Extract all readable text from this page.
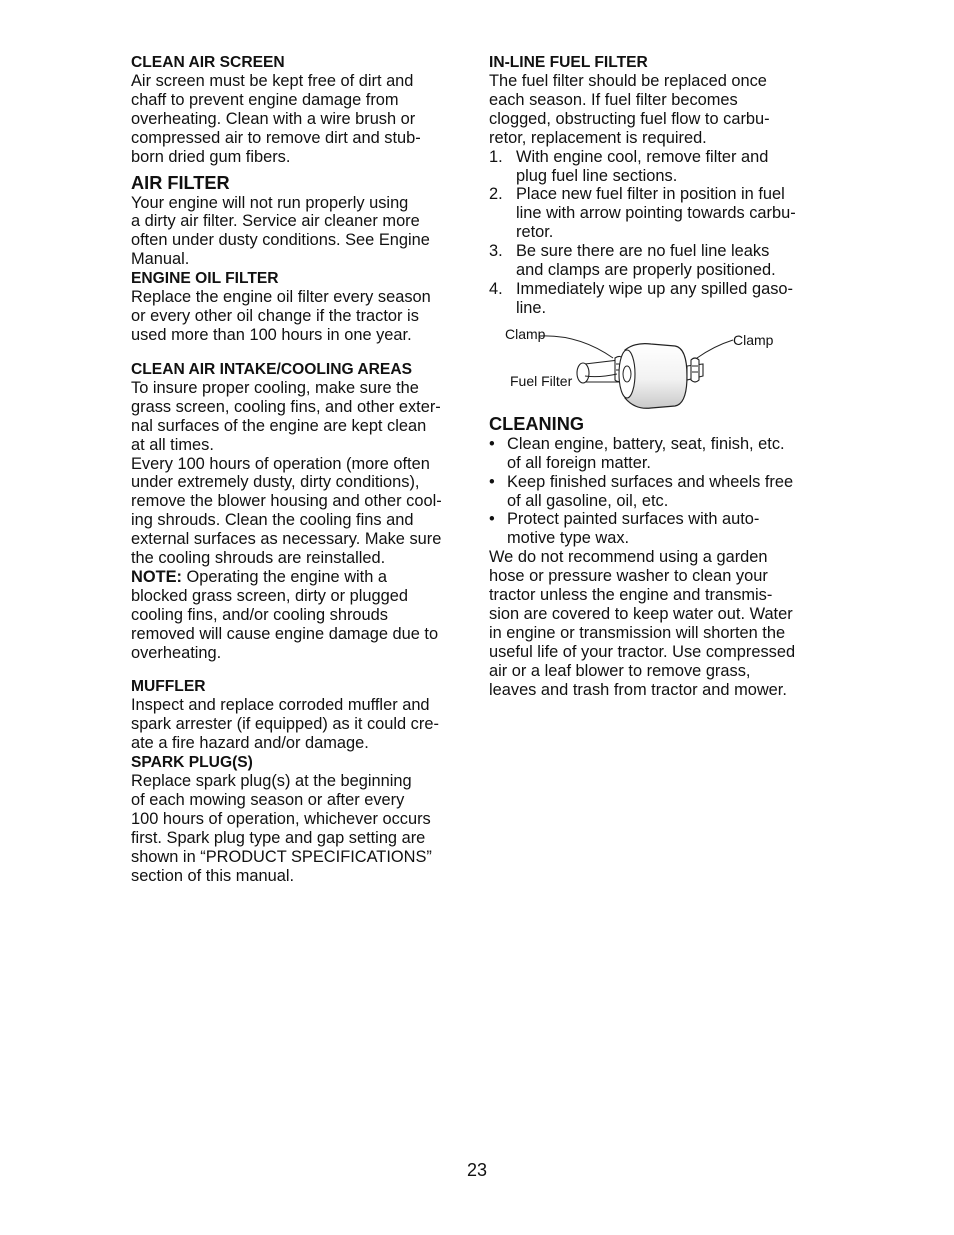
CLEAN AIR SCREEN

Air screen must be kept free of dirt and
chaff to prevent engine damage from
overheating. Clean with a wire brush or
compressed air to remove dirt and stub-
born dried gum fibers.

AIR FILTER

Your engine will not run properly using
a dirty air filter. Service air cleaner more
often under dusty conditions. See Engine
Manual.

ENGINE OIL FILTER

Replace the engine oil filter every season
or every other oil change if the tractor is
used more than 100 hours in one year.

CLEAN AIR INTAKE/COOLING AREAS

To insure proper cooling, make sure the
grass screen, cooling fins, and other exter-
nal surfaces of the engine are kept clean
at all times.

Every 100 hours of operation (more often
under extremely dusty, dirty conditions),
remove the blower housing and other cool-
ing shrouds. Clean the cooling fins and
external surfaces as necessary. Make sure
the cooling shrouds are reinstalled.

NOTE: Operating the engine with a
blocked grass screen, dirty or plugged
cooling fins, and/or cooling shrouds
removed will cause engine damage due to
overheating.

MUFFLER

Inspect and replace corroded muffler and
spark arrester (if equipped) as it could cre-
ate a fire hazard and/or damage.

SPARK PLUG(S)

Replace spark plug(s) at the beginning
of each mowing season or after every
100 hours of operation, whichever occurs
first. Spark plug type and gap setting are
shown in “PRODUCT SPECIFICATIONS”
section of this manual.

IN-LINE FUEL FILTER

The fuel filter should be replaced once
each season. If fuel filter becomes
clogged, obstructing fuel flow to carbu-
retor, replacement is required.

1. With engine cool, remove filter and
plug fuel line sections.
2. Place new fuel filter in position in fuel
line with arrow pointing towards carbu-
retor.
3. Be sure there are no fuel line leaks
and clamps are properly positioned.
4. Immediately wipe up any spilled gaso-
line.
Clamp	Clamp
Fuel Filter
CLEANING
• Clean engine, battery, seat, finish, etc.
of all foreign matter.
• Keep finished surfaces and wheels free
of all gasoline, oil, etc.
• Protect painted surfaces with auto-
motive type wax.

We do not recommend using a garden
hose or pressure washer to clean your
tractor unless the engine and transmis-
sion are covered to keep water out. Water
in engine or transmission will shorten the
useful life of your tractor. Use compressed
air or a leaf blower to remove grass,
leaves and trash from tractor and mower.

23
